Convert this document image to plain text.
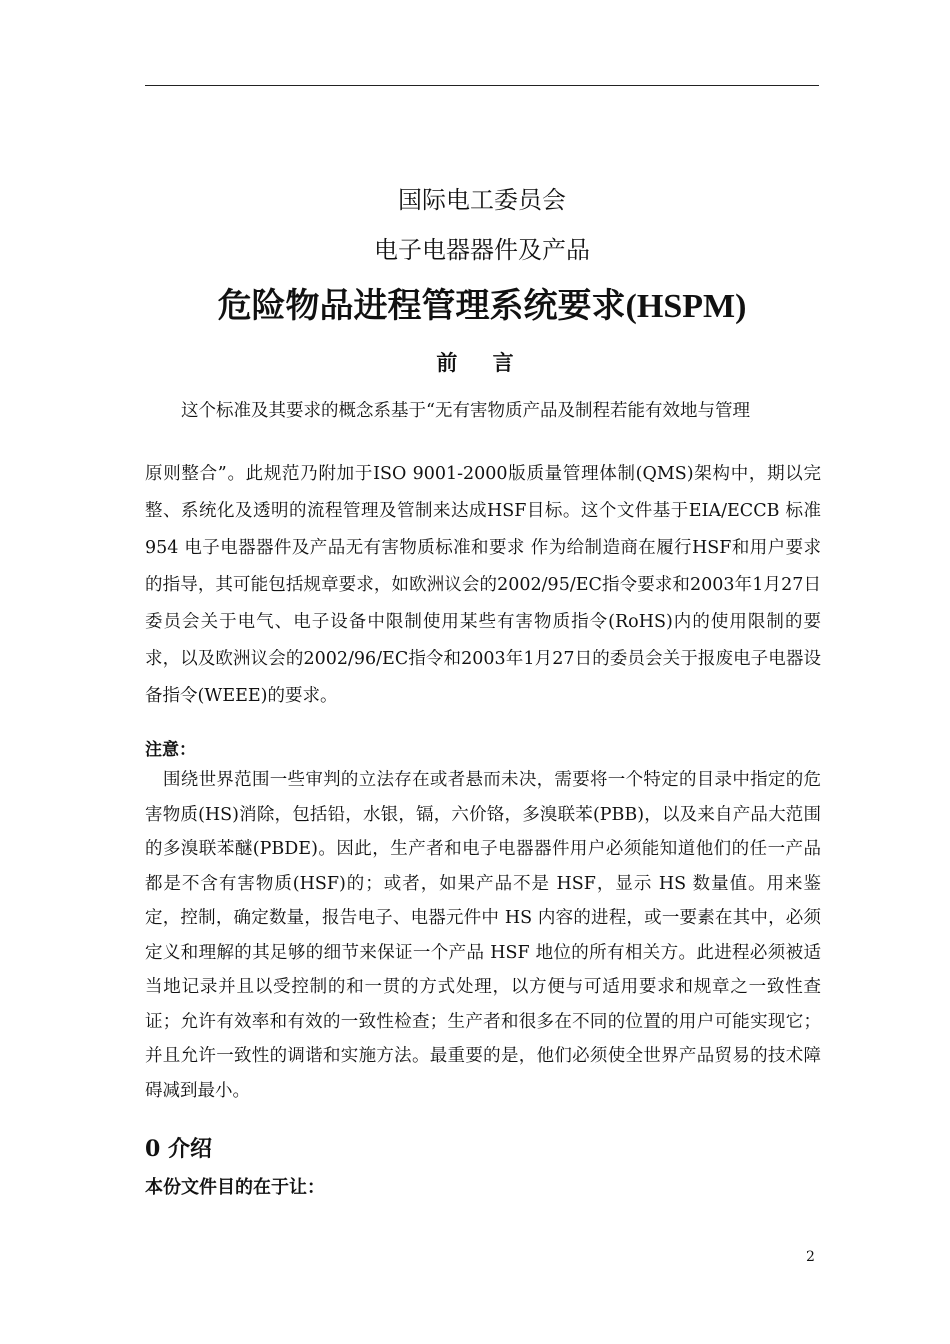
国际电工委员会
电子电器器件及产品
危险物品进程管理系统要求(HSPM)
前 言

这个标准及其要求的概念系基于“无有害物质产品及制程若能有效地与管理

原则整合”。此规范乃附加于ISO 9001-2000版质量管理体制(QMS)架构中，期以完整、系统化及透明的流程管理及管制来达成HSF目标。这个文件基于EIA/ECCB 标准954 电子电器器件及产品无有害物质标准和要求 作为给制造商在履行HSF和用户要求的指导，其可能包括规章要求，如欧洲议会的2002/95/EC指令要求和2003年1月27日委员会关于电气、电子设备中限制使用某些有害物质指令(RoHS)内的使用限制的要求，以及欧洲议会的2002/96/EC指令和2003年1月27日的委员会关于报废电子电器设备指令(WEEE)的要求。

注意：

围绕世界范围一些审判的立法存在或者悬而未决，需要将一个特定的目录中指定的危害物质(HS)消除，包括铅，水银，镉，六价铬，多溴联苯(PBB)，以及来自产品大范围的多溴联苯醚(PBDE)。因此，生产者和电子电器器件用户必须能知道他们的任一产品都是不含有害物质(HSF)的；或者，如果产品不是 HSF，显示 HS 数量值。用来鉴定，控制，确定数量，报告电子、电器元件中 HS 内容的进程，或一要素在其中，必须定义和理解的其足够的细节来保证一个产品 HSF 地位的所有相关方。此进程必须被适当地记录并且以受控制的和一贯的方式处理，以方便与可适用要求和规章之一致性查证；允许有效率和有效的一致性检查；生产者和很多在不同的位置的用户可能实现它；并且允许一致性的调谐和实施方法。最重要的是，他们必须使全世界产品贸易的技术障碍减到最小。

0 介绍
本份文件目的在于让：
2
